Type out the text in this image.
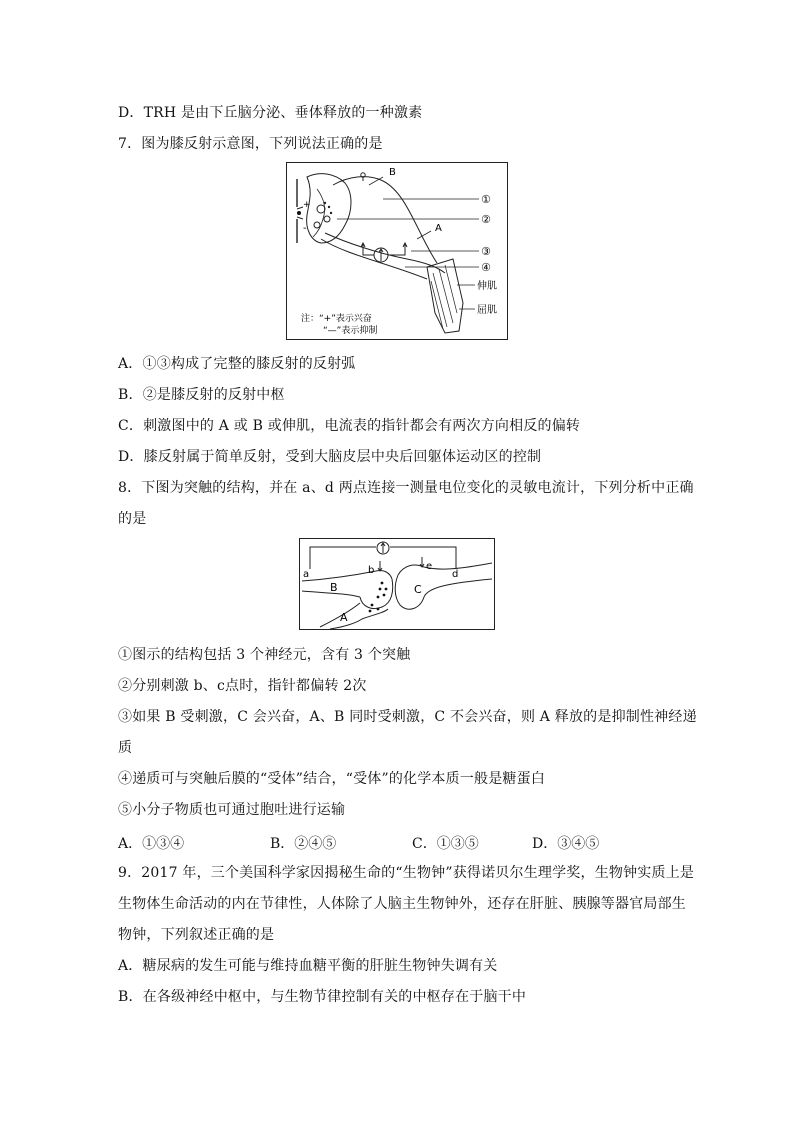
D．TRH 是由下丘脑分泌、垂体释放的一种激素
7．图为膝反射示意图，下列说法正确的是
+
-
B
A
①
②
③
④
伸肌
屈肌
注：“+”表示兴奋
“—”表示抑制
A．①③构成了完整的膝反射的反射弧
B．②是膝反射的反射中枢
C．刺激图中的 A 或 B 或伸肌，电流表的指针都会有两次方向相反的偏转
D．膝反射属于简单反射，受到大脑皮层中央后回躯体运动区的控制
8．下图为突触的结构，并在 a、d 两点连接一测量电位变化的灵敏电流计，下列分析中正确
的是
a	b	e
d
B	C
A
①图示的结构包括 3 个神经元，含有 3 个突触
②分别刺激 b、c点时，指针都偏转 2次
③如果 B 受刺激，C 会兴奋，A、B 同时受刺激，C 不会兴奋，则 A 释放的是抑制性神经递
质
④递质可与突触后膜的“受体”结合，“受体”的化学本质一般是糖蛋白
⑤小分子物质也可通过胞吐进行运输
A．①③④	B．②④⑤	C．①③⑤	D．③④⑤
9．2017 年，三个美国科学家因揭秘生命的“生物钟”获得诺贝尔生理学奖，生物钟实质上是
生物体生命活动的内在节律性，人体除了人脑主生物钟外，还存在肝脏、胰腺等器官局部生
物钟，下列叙述正确的是
A．糖尿病的发生可能与维持血糖平衡的肝脏生物钟失调有关
B．在各级神经中枢中，与生物节律控制有关的中枢存在于脑干中
